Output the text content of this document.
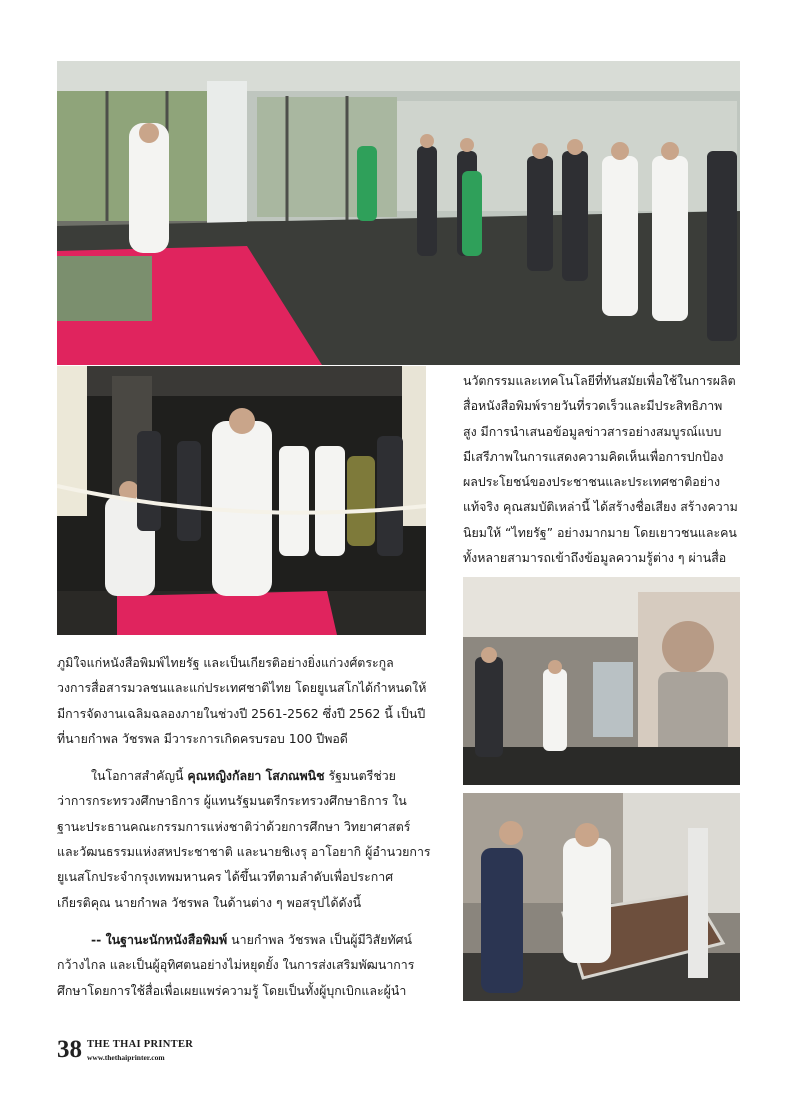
นวัตกรรมและเทคโนโลยีที่ทันสมัยเพื่อใช้ในการผลิต

สื่อหนังสือพิมพ์รายวันที่รวดเร็วและมีประสิทธิภาพ

สูง มีการนำเสนอข้อมูลข่าวสารอย่างสมบูรณ์แบบ

มีเสรีภาพในการแสดงความคิดเห็นเพื่อการปกป้อง

ผลประโยชน์ของประชาชนและประเทศชาติอย่าง

แท้จริง คุณสมบัติเหล่านี้ ได้สร้างชื่อเสียง สร้างความ

นิยมให้ “ไทยรัฐ” อย่างมากมาย โดยเยาวชนและคน

ทั้งหลายสามารถเข้าถึงข้อมูลความรู้ต่าง ๆ ผ่านสื่อ

ภูมิใจแก่หนังสือพิมพ์ไทยรัฐ และเป็นเกียรติอย่างยิ่งแก่วงศ์ตระกูล

วงการสื่อสารมวลชนและแก่ประเทศชาติไทย โดยยูเนสโกได้กำหนดให้

มีการจัดงานเฉลิมฉลองภายในช่วงปี 2561-2562 ซึ่งปี 2562 นี้ เป็นปี

ที่นายกำพล วัชรพล มีวาระการเกิดครบรอบ 100 ปีพอดี

ในโอกาสสำคัญนี้ คุณหญิงกัลยา โสภณพนิช รัฐมนตรีช่วย

ว่าการกระทรวงศึกษาธิการ ผู้แทนรัฐมนตรีกระทรวงศึกษาธิการ ใน

ฐานะประธานคณะกรรมการแห่งชาติว่าด้วยการศึกษา วิทยาศาสตร์

และวัฒนธรรมแห่งสหประชาชาติ และนายชิเงรุ อาโอยากิ ผู้อำนวยการ

ยูเนสโกประจำกรุงเทพมหานคร ได้ขึ้นเวทีตามลำดับเพื่อประกาศ

เกียรติคุณ นายกำพล วัชรพล ในด้านต่าง ๆ พอสรุปได้ดังนี้

-- ในฐานะนักหนังสือพิมพ์ นายกำพล วัชรพล เป็นผู้มีวิสัยทัศน์

กว้างไกล และเป็นผู้อุทิศตนอย่างไม่หยุดยั้ง ในการส่งเสริมพัฒนาการ

ศึกษาโดยการใช้สื่อเพื่อเผยแพร่ความรู้ โดยเป็นทั้งผู้บุกเบิกและผู้นำ

38 THE THAI PRINTER
www.thethaiprinter.com
